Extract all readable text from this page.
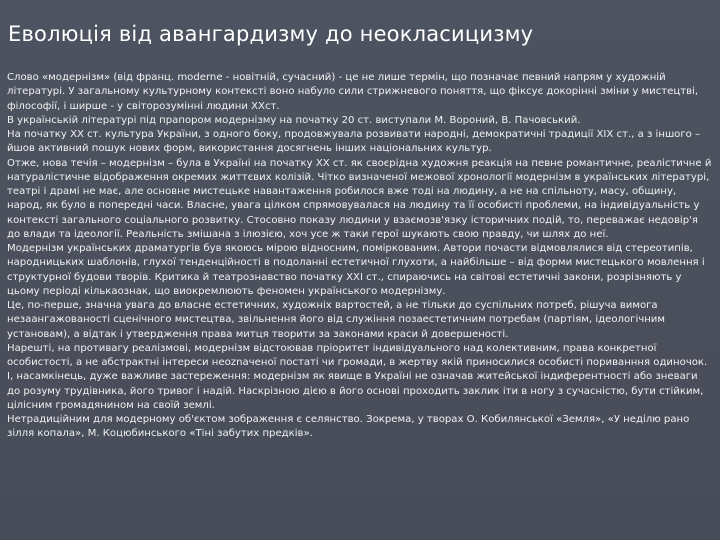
Еволюція від авангардизму до неокласицизму

Слово «модернізм» (від франц. moderne - новітній, сучасний) - це не лише термін, що позначає певний напрям у художній літературі. У загальному культурному контексті воно набуло сили стрижневого поняття, що фіксує докорінні зміни у мистецтві, філософії, і ширше - у світорозумінні людини ХХст.

В українській літературі під прапором модернізму на початку 20 ст. виступали М. Вороний, В. Пачовський.

На початку ХХ ст. культура України, з одного боку, продовжувала розвивати народні, демократичні традиції XIX ст., а з іншого – йшов активний пошук нових форм, використання досягнень інших національних культур.

Отже, нова течія – модернізм – була в Україні на початку XX ст. як своєрідна художня реакція на певне романтичне, реалістичне й натуралістичне відображення окремих життєвих колізій. Чітко визначеної межової хронології модернізм в українських літературі, театрі і драмі не має, але основне мистецьке навантаження робилося вже тоді на людину, а не на спільноту, масу, общину, народ, як було в попередні часи. Власне, увага цілком спрямовувалася на людину та її особисті проблеми, на індивідуальність у контексті загального соціального розвитку. Стосовно показу людини у взаємозв'язку історичних подій, то, переважає недовір'я до влади та ідеології. Реальність змішана з ілюзією, хоч усе ж таки герої шукають свою правду, чи шлях до неї.

Модернізм українських драматургів був якоюсь мірою відносним, поміркованим. Автори почасти відмовлялися від стереотипів, народницьких шаблонів, глухої тенденційності в подоланні естетичної глухоти, а найбільше – від форми мистецького мовлення і структурної будови творів. Критика й театрознавство початку ХХІ ст., спираючись на світові естетичні закони, розрізняють у цьому періоді кількаознак, що виокремлюють феномен українського модернізму.

Це, по-перше, значна увага до власне естетичних, художніх вартостей, а не тільки до суспільних потреб, рішуча вимога незаангажованості сценічного мистецтва, звільнення його від служіння позаестетичним потребам (партіям, ідеологічним установам), а відтак і утвердження права митця творити за законами краси й довершеності.

Нарешті, на противагу реалізмові, модернізм відстоював пріоритет індивідуального над колективним, права конкретної особистості, а не абстрактні інтереси неоznaченої постаті чи громади, в жертву якій приносилися особисті пориванння одиночок. І, насамкінець, дуже важливе застереження: модернізм як явище в Україні не означав житейської індиферентності або зневаги до розуму трудівника, його тривог і надій. Наскрізною дією в його основі проходить заклик іти в ногу з сучасністю, бути стійким, цілісним громадянином на своїй землі.

Нетрадиційним для модерному об'єктом зображення є селянство. Зокрема, у творах О. Кобилянської «Земля», «У неділю рано зілля копала», М. Коцюбинського «Тіні забутих предків».
